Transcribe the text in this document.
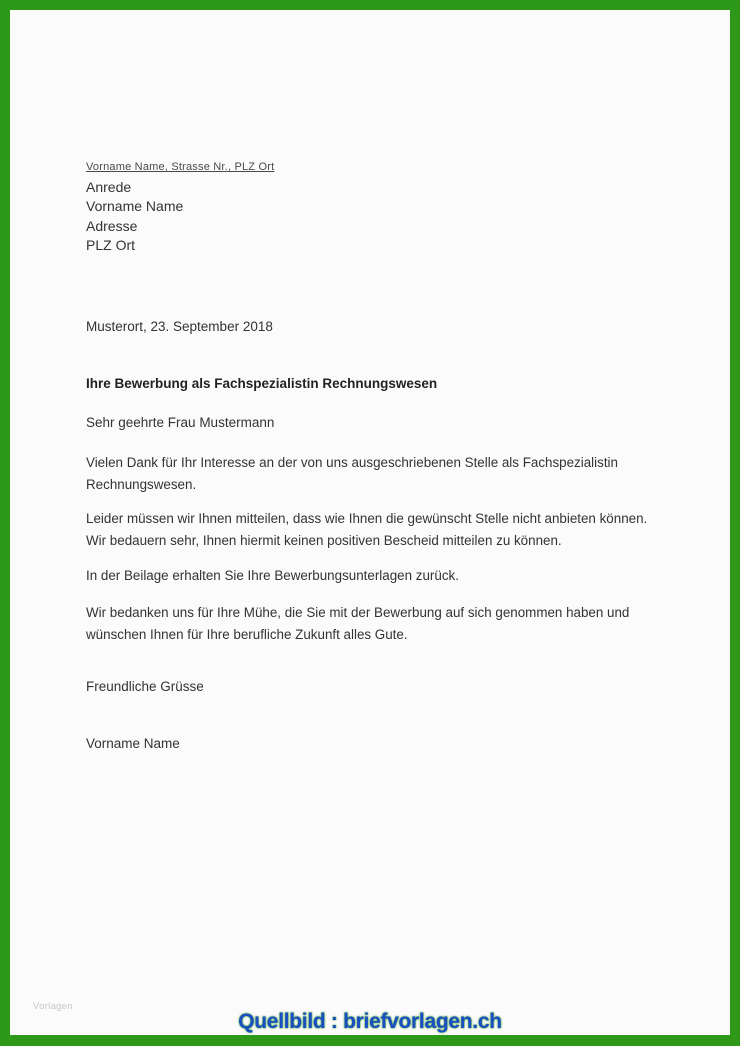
Vorname Name, Strasse Nr., PLZ Ort
Anrede
Vorname Name
Adresse
PLZ Ort
Musterort, 23. September 2018
Ihre Bewerbung als Fachspezialistin Rechnungswesen
Sehr geehrte Frau Mustermann

Vielen Dank für Ihr Interesse an der von uns ausgeschriebenen Stelle als Fachspezialistin Rechnungswesen.

Leider müssen wir Ihnen mitteilen, dass wie Ihnen die gewünscht Stelle nicht anbieten können. Wir bedauern sehr, Ihnen hiermit keinen positiven Bescheid mitteilen zu können.

In der Beilage erhalten Sie Ihre Bewerbungsunterlagen zurück.

Wir bedanken uns für Ihre Mühe, die Sie mit der Bewerbung auf sich genommen haben und wünschen Ihnen für Ihre berufliche Zukunft alles Gute.

Freundliche Grüsse
Vorname Name
Vorlagen
Quellbild : briefvorlagen.ch
